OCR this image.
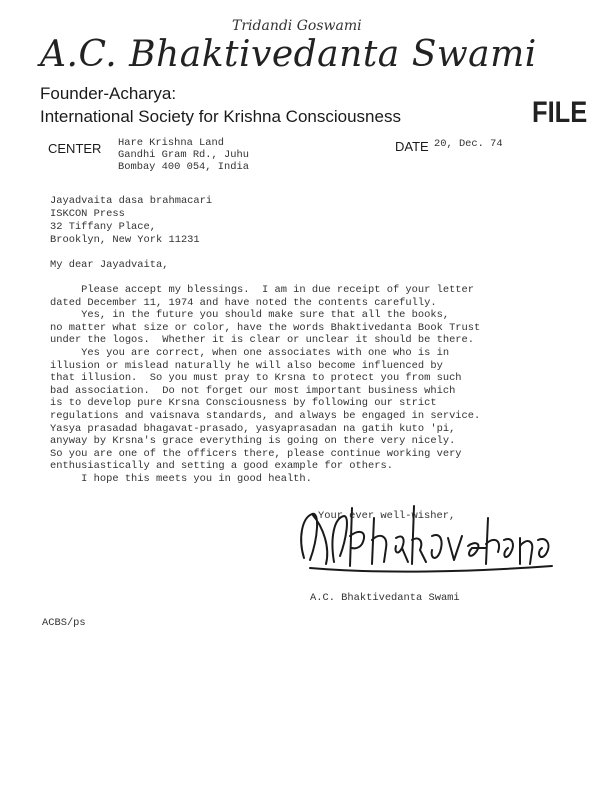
Tridandi Goswami
A.C. Bhaktivedanta Swami
Founder-Acharya:
International Society for Krishna Consciousness	FILE
CENTER Hare Krishna Land
Gandhi Gram Rd., Juhu
Bombay 400 054, India
DATE 20, Dec. 74
Jayadvaita dasa brahmacari
ISKCON Press
32 Tiffany Place,
Brooklyn, New York 11231
My dear Jayadvaita,
Please accept my blessings.  I am in due receipt of your letter
dated December 11, 1974 and have noted the contents carefully.
Yes, in the future you should make sure that all the books,
no matter what size or color, have the words Bhaktivedanta Book Trust
under the logos.  Whether it is clear or unclear it should be there.
Yes you are correct, when one associates with one who is in
illusion or mislead naturally he will also become influenced by
that illusion.  So you must pray to Krsna to protect you from such
bad association.  Do not forget our most important business which
is to develop pure Krsna Consciousness by following our strict
regulations and vaisnava standards, and always be engaged in service.
Yasya prasadad bhagavat-prasado, yasyaprasadan na gatih kuto 'pi,
anyway by Krsna's grace everything is going on there very nicely.
So you are one of the officers there, please continue working very
enthusiastically and setting a good example for others.
I hope this meets you in good health.
Your ever well-wisher,
A.C. Bhaktivedanta Swami
ACBS/ps
